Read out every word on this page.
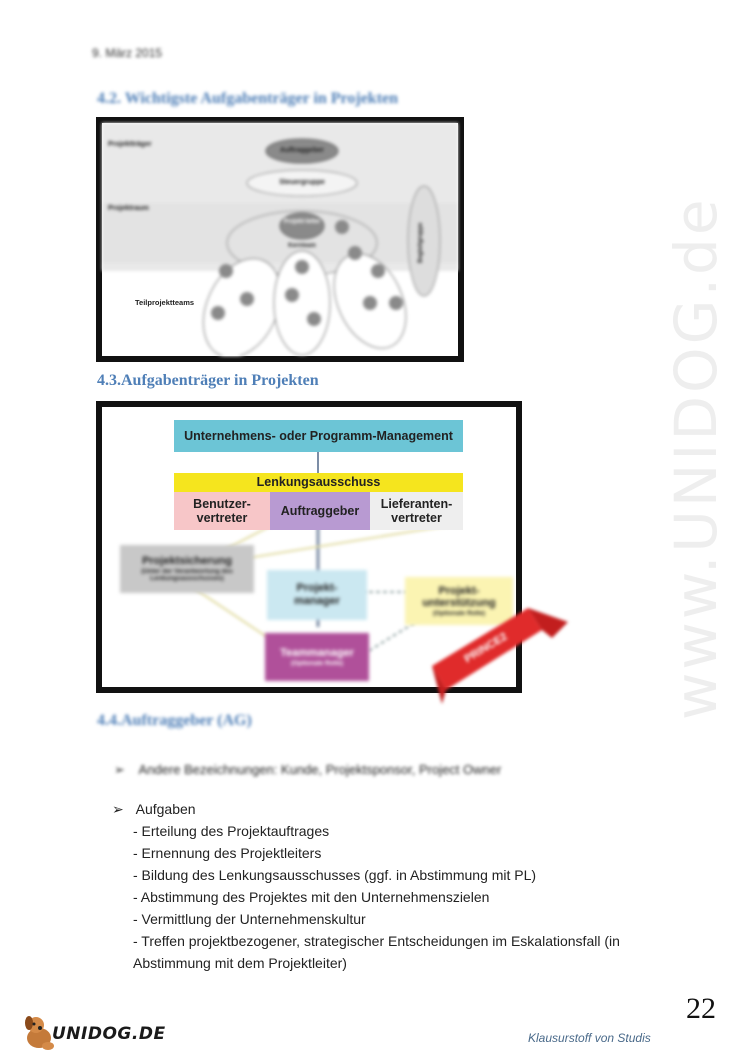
9. März 2015
4.2. Wichtigste Aufgabenträger in Projekten
Projektträger
Auftraggeber
Steuergruppe
Projektraum
Projekt-leiter
Kernteam	Begleitgruppe
Teilprojektteams
4.3.Aufgabenträger in Projekten
Unternehmens- oder Programm-Management
Lenkungsausschuss
Benutzer-
vertreter
Auftraggeber
Lieferanten-
vertreter
Projektsicherung
(Unter der Verantwortung des Lenkungsausschusses)
Projekt-
manager
Projekt-
unterstützung
(Optionale Rolle)
Teammanager
(Optionale Rolle)	PRINCE2
4.4.Auftraggeber (AG)
➢ Andere Bezeichnungen: Kunde, Projektsponsor, Project Owner
➢ Aufgaben
- Erteilung des Projektauftrages
- Ernennung des Projektleiters
- Bildung des Lenkungsausschusses (ggf. in Abstimmung mit PL)
- Abstimmung des Projektes mit den Unternehmenszielen
- Vermittlung der Unternehmenskultur
- Treffen projektbezogener, strategischer Entscheidungen im Eskalationsfall (in
Abstimmung mit dem Projektleiter)
www.UNIDOG.de
22
UNIDOG.DE	Klausurstoff von Studis
